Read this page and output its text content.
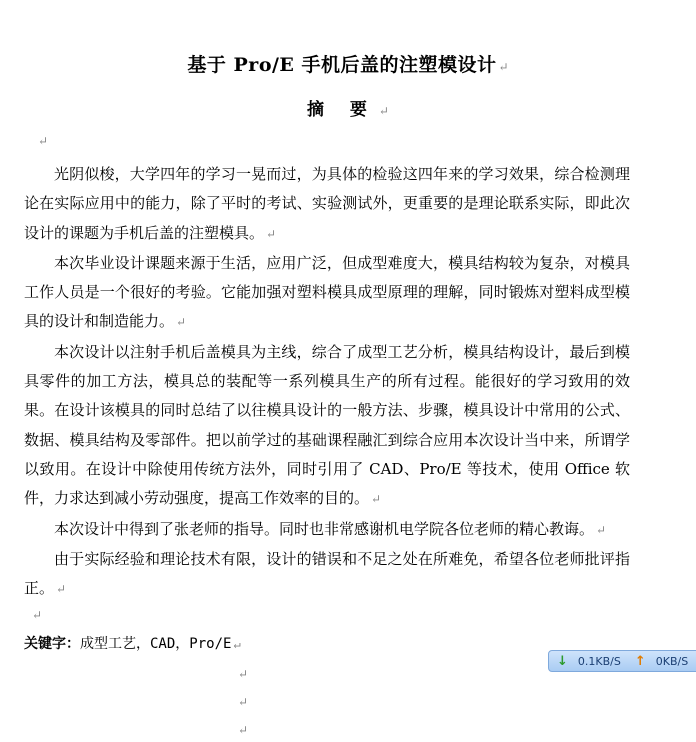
基于 Pro/E 手机后盖的注塑模设计 ↵
摘 要 ↵
↵

光阴似梭，大学四年的学习一晃而过，为具体的检验这四年来的学习效果，综合检测理论在实际应用中的能力，除了平时的考试、实验测试外，更重要的是理论联系实际，即此次设计的课题为手机后盖的注塑模具。 ↵

本次毕业设计课题来源于生活，应用广泛，但成型难度大，模具结构较为复杂，对模具工作人员是一个很好的考验。它能加强对塑料模具成型原理的理解，同时锻炼对塑料成型模具的设计和制造能力。 ↵

本次设计以注射手机后盖模具为主线，综合了成型工艺分析，模具结构设计，最后到模具零件的加工方法，模具总的装配等一系列模具生产的所有过程。能很好的学习致用的效果。在设计该模具的同时总结了以往模具设计的一般方法、步骤，模具设计中常用的公式、数据、模具结构及零部件。把以前学过的基础课程融汇到综合应用本次设计当中来，所谓学以致用。在设计中除使用传统方法外，同时引用了 CAD、Pro/E 等技术，使用 Office 软件，力求达到减小劳动强度，提高工作效率的目的。 ↵

本次设计中得到了张老师的指导。同时也非常感谢机电学院各位老师的精心教诲。 ↵

由于实际经验和理论技术有限，设计的错误和不足之处在所难免，希望各位老师批评指正。 ↵

↵
关键字：成型工艺，CAD，Pro/E ↵
↵
↵
↵
↓ 0.1KB/S ↑ 0KB/S
